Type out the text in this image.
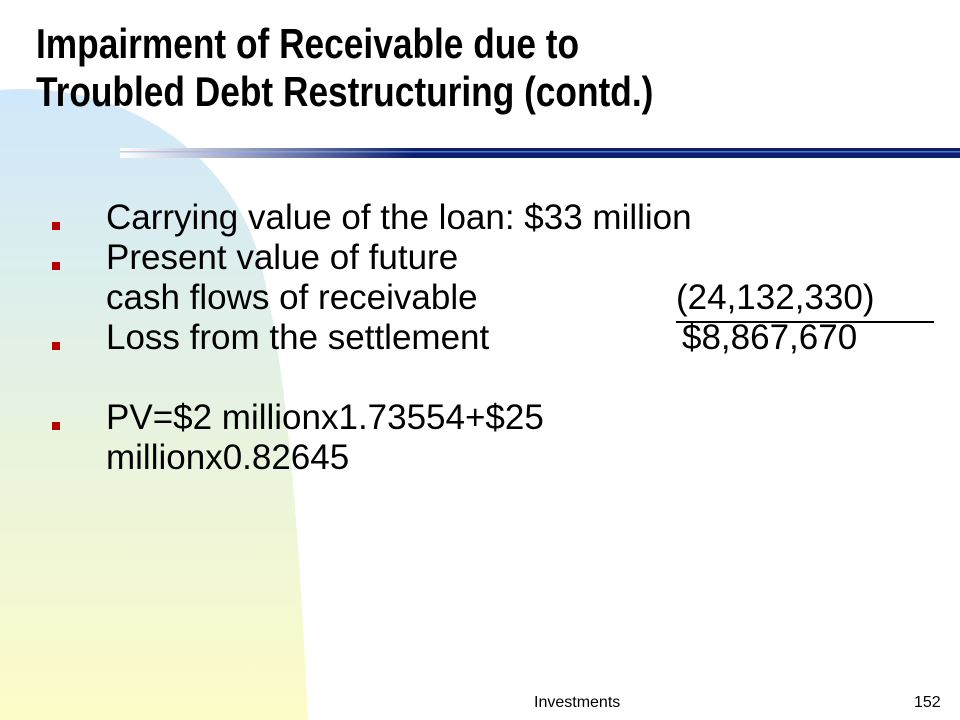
Impairment of Receivable due to
Troubled Debt Restructuring (contd.)
Carrying value of the loan: $33 million
Present value of future
cash flows of receivable	(24,132,330)
Loss from the settlement	$8,867,670
PV=$2 millionx1.73554+$25
millionx0.82645
Investments	152
